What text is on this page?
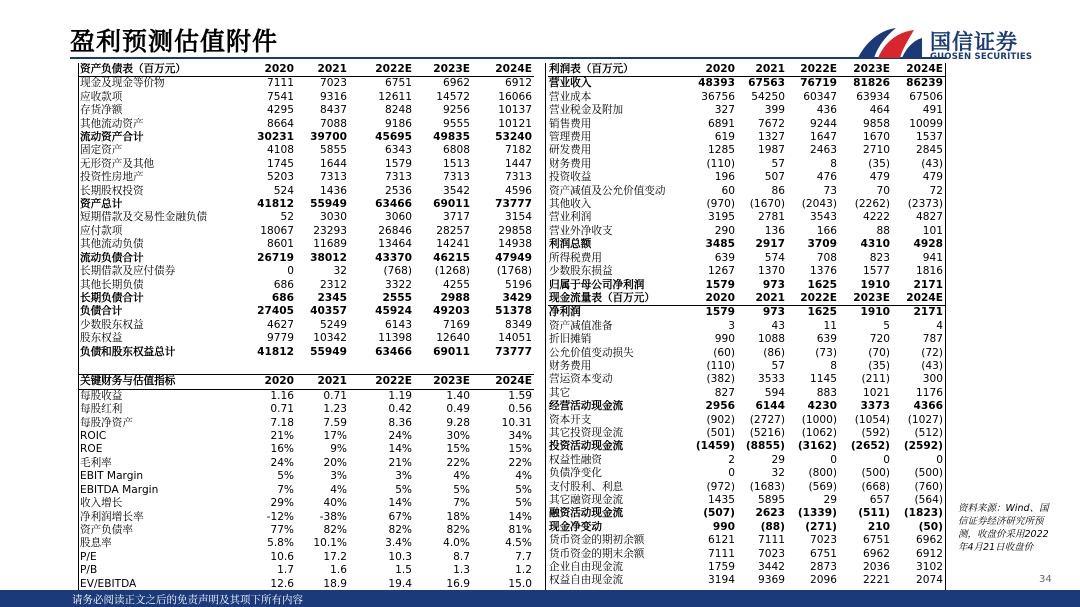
盈利预测估值附件	国信证券
GUOSEN SECURITIES
资产负债表（百万元）	2020	2021	2022E	2023E	2024E
现金及现金等价物	7111	7023	6751	6962	6912
应收款项	7541	9316	12611	14572	16066
存货净额	4295	8437	8248	9256	10137
其他流动资产	8664	7088	9186	9555	10121
流动资产合计	30231	39700	45695	49835	53240
固定资产	4108	5855	6343	6808	7182
无形资产及其他	1745	1644	1579	1513	1447
投资性房地产	5203	7313	7313	7313	7313
长期股权投资	524	1436	2536	3542	4596
资产总计	41812	55949	63466	69011	73777
短期借款及交易性金融负债	52	3030	3060	3717	3154
应付款项	18067	23293	26846	28257	29858
其他流动负债	8601	11689	13464	14241	14938
流动负债合计	26719	38012	43370	46215	47949
长期借款及应付债券	0	32	(768)	(1268)	(1768)
其他长期负债	686	2312	3322	4255	5196
长期负债合计	686	2345	2555	2988	3429
负债合计	27405	40357	45924	49203	51378
少数股东权益	4627	5249	6143	7169	8349
股东权益	9779	10342	11398	12640	14051
负债和股东权益总计	41812	55949	63466	69011	73777

关键财务与估值指标	2020	2021	2022E	2023E	2024E
每股收益	1.16	0.71	1.19	1.40	1.59
每股红利	0.71	1.23	0.42	0.49	0.56
每股净资产	7.18	7.59	8.36	9.28	10.31
ROIC	21%	17%	24%	30%	34%
ROE	16%	9%	14%	15%	15%
毛利率	24%	20%	21%	22%	22%
EBIT Margin	5%	3%	3%	4%	4%
EBITDA Margin	7%	4%	5%	5%	5%
收入增长	29%	40%	14%	7%	5%
净利润增长率	-12%	-38%	67%	18%	14%
资产负债率	77%	82%	82%	82%	81%
股息率	5.8%	10.1%	3.4%	4.0%	4.5%
P/E	10.6	17.2	10.3	8.7	7.7
P/B	1.7	1.6	1.5	1.3	1.2
EV/EBITDA	12.6	18.9	19.4	16.9	15.0
利润表（百万元）	2020	2021	2022E	2023E	2024E
营业收入	48393	67563	76719	81826	86239
营业成本	36756	54250	60347	63934	67506
营业税金及附加	327	399	436	464	491
销售费用	6891	7672	9244	9858	10099
管理费用	619	1327	1647	1670	1537
研发费用	1285	1987	2463	2710	2845
财务费用	(110)	57	8	(35)	(43)
投资收益	196	507	476	479	479
资产减值及公允价值变动	60	86	73	70	72
其他收入	(970)	(1670)	(2043)	(2262)	(2373)
营业利润	3195	2781	3543	4222	4827
营业外净收支	290	136	166	88	101
利润总额	3485	2917	3709	4310	4928
所得税费用	639	574	708	823	941
少数股东损益	1267	1370	1376	1577	1816
归属于母公司净利润	1579	973	1625	1910	2171
现金流量表（百万元）	2020	2021	2022E	2023E	2024E
净利润	1579	973	1625	1910	2171
资产减值准备	3	43	11	5	4
折旧摊销	990	1088	639	720	787
公允价值变动损失	(60)	(86)	(73)	(70)	(72)
财务费用	(110)	57	8	(35)	(43)
营运资本变动	(382)	3533	1145	(211)	300
其它	827	594	883	1021	1176
经营活动现金流	2956	6144	4230	3373	4366
资本开支	(902)	(2727)	(1000)	(1054)	(1027)
其它投资现金流	(501)	(5216)	(1062)	(592)	(512)
投资活动现金流	(1459)	(8855)	(3162)	(2652)	(2592)
权益性融资	2	29	0	0	0
负债净变化	0	32	(800)	(500)	(500)
支付股利、利息	(972)	(1683)	(569)	(668)	(760)
其它融资现金流	1435	5895	29	657	(564)
融资活动现金流	(507)	2623	(1339)	(511)	(1823)
现金净变动	990	(88)	(271)	210	(50)
货币资金的期初余额	6121	7111	7023	6751	6962
货币资金的期末余额	7111	7023	6751	6962	6912
企业自由现金流	1759	3442	2873	2036	3102
权益自由现金流	3194	9369	2096	2221	2074
资料来源：Wind、国信证券经济研究所预测，收盘价采用2022年4月21日收盘价
34
请务必阅读正文之后的免责声明及其项下所有内容
